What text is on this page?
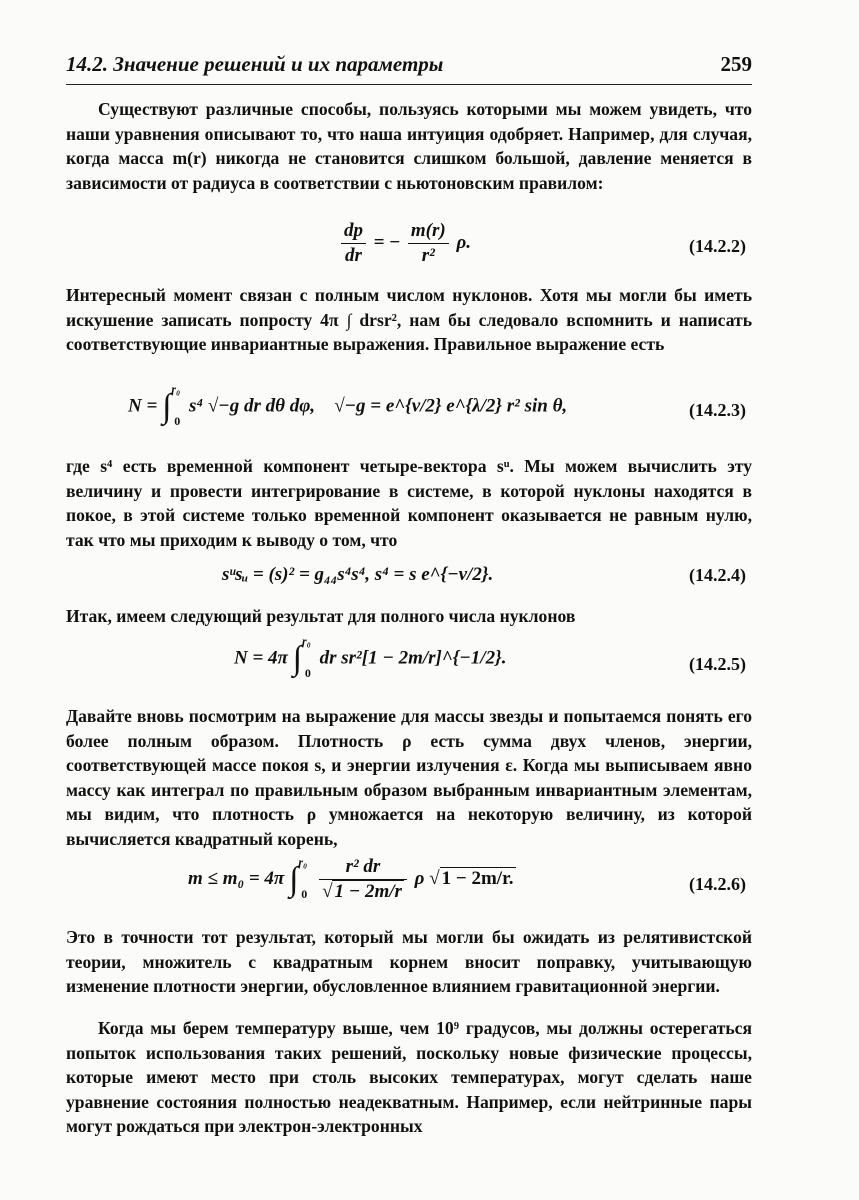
14.2. Значение решений и их параметры	259

Существуют различные способы, пользуясь которыми мы можем увидеть, что наши уравнения описывают то, что наша интуиция одобряет. Например, для случая, когда масса m(r) никогда не становится слишком большой, давление меняется в зависимости от радиуса в соответствии с ньютоновским правилом:

$\frac{dp}{dr}$ = − $\frac{m(r)}{\text{r²}} \rho$.	(14.2.2)

Интересный момент связан с полным числом нуклонов. Хотя мы могли бы иметь искушение записать попросту 4π ∫ drsr², нам бы следовало вспомнить и написать соответствующие инвариантные выражения. Правильное выражение есть

N = ∫$^{r_0}_0$ s⁴ √−g dr dθ dφ, √−g = e^{ν/2} e^{λ/2} r² sin θ,	(14.2.3)

где s⁴ есть временной компонент четыре-вектора sᵘ. Мы можем вычислить эту величину и провести интегрирование в системе, в которой нуклоны находятся в покое, в этой системе только временной компонент оказывается не равным нулю, так что мы приходим к выводу о том, что

sᵘsᵤ = (s)² = g₄₄s⁴s⁴, s⁴ = s e^{−ν/2}.	(14.2.4)

Итак, имеем следующий результат для полного числа нуклонов

N = 4π ∫$^{r_0}_0$ dr sr²[1 − 2m/r]^{−1/2}.	(14.2.5)

Давайте вновь посмотрим на выражение для массы звезды и попытаемся понять его более полным образом. Плотность ρ есть сумма двух членов, энергии, соответствующей массе покоя s, и энергии излучения ε. Когда мы выписываем явно массу как интеграл по правильным образом выбранным инвариантным элементам, мы видим, что плотность ρ умножается на некоторую величину, из которой вычисляется квадратный корень,

m ≤ m₀ = 4π $\int^{r_0}_0 \frac{\text{r² dr}}{√ 1 - 2m/r}$ ρ √ 1 − 2m/r.	(14.2.6)

Это в точности тот результат, который мы могли бы ожидать из релятивистской теории, множитель с квадратным корнем вносит поправку, учитывающую изменение плотности энергии, обусловленное влиянием гравитационной энергии.

Когда мы берем температуру выше, чем 10⁹ градусов, мы должны остерегаться попыток использования таких решений, поскольку новые физические процессы, которые имеют место при столь высоких температурах, могут сделать наше уравнение состояния полностью неадекватным. Например, если нейтринные пары могут рождаться при электрон-электронных
